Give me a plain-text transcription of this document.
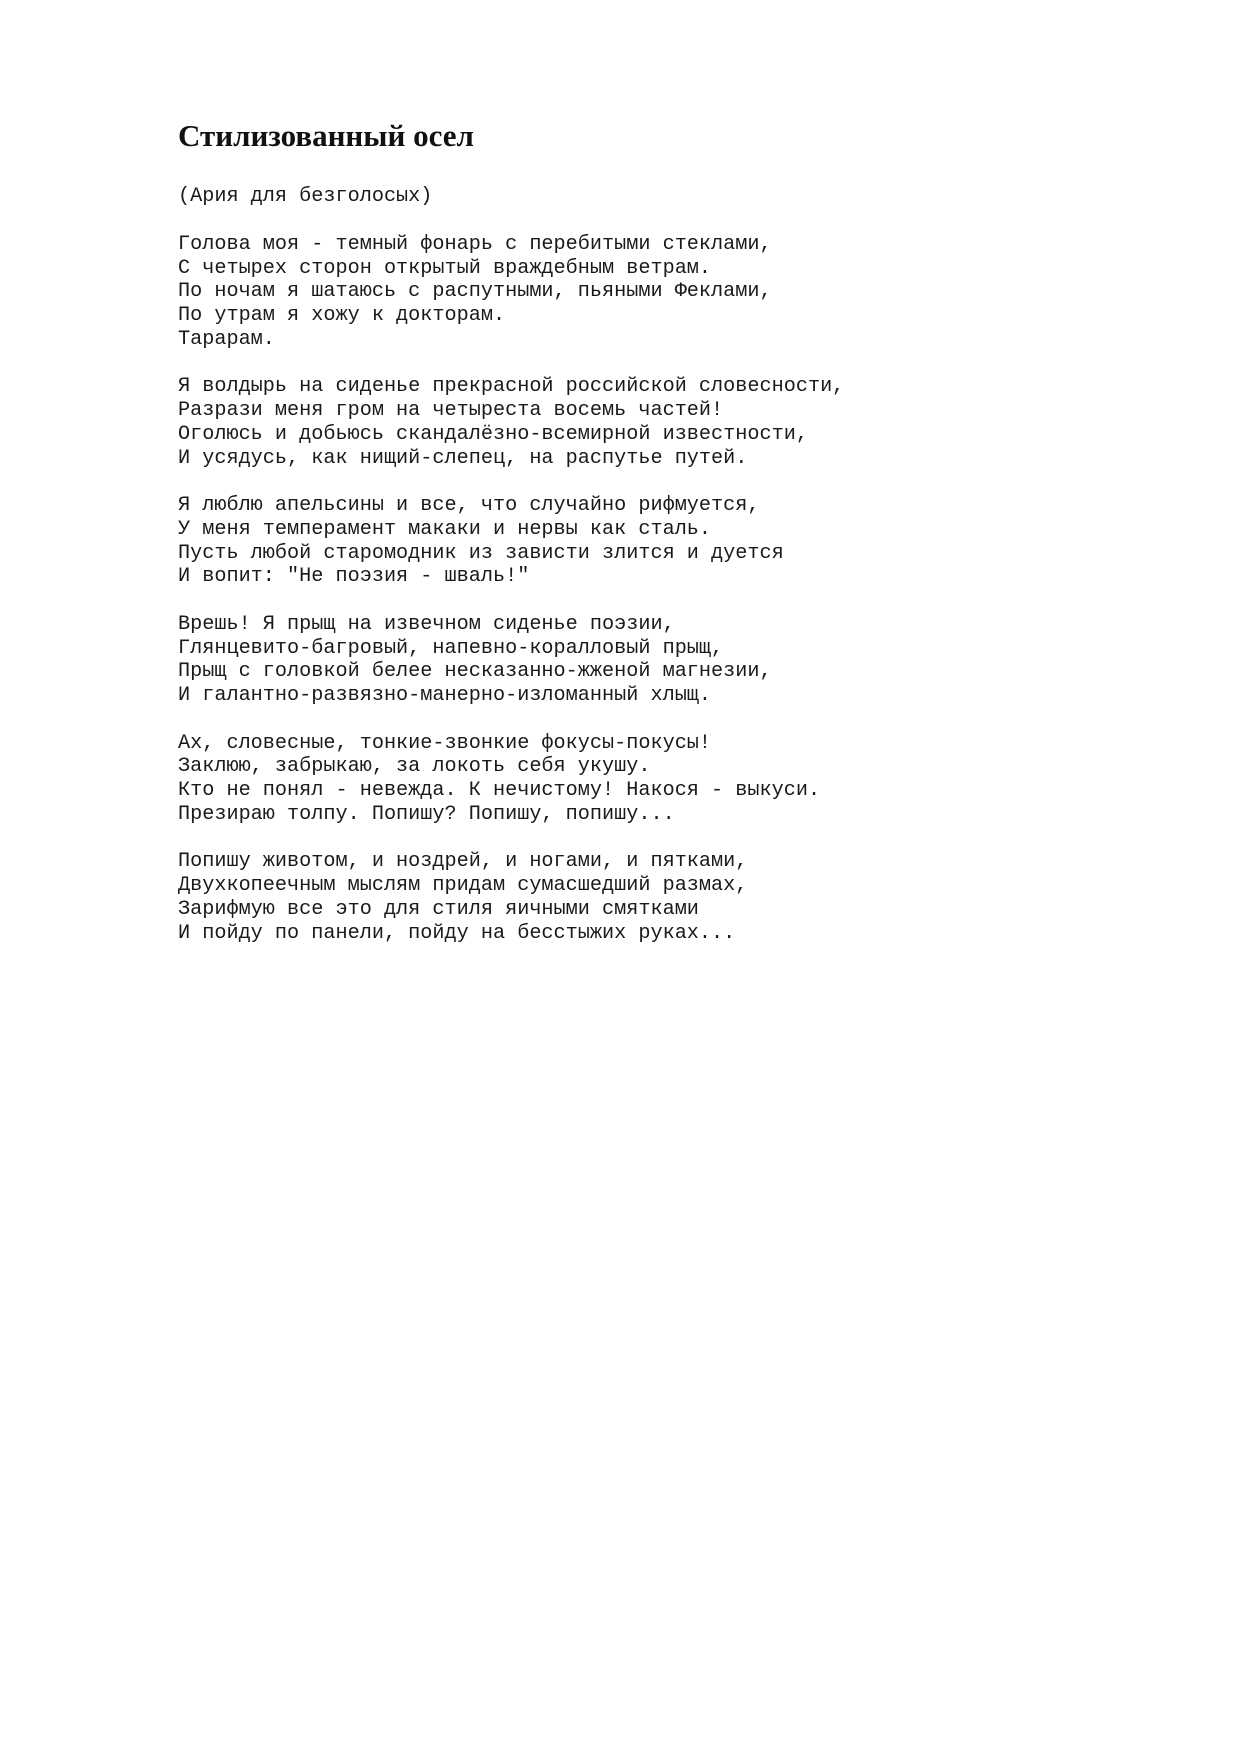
Стилизованный осел
(Ария для безголосых)
Голова моя - темный фонарь с перебитыми стеклами,
С четырех сторон открытый враждебным ветрам.
По ночам я шатаюсь с распутными, пьяными Феклами,
По утрам я хожу к докторам.
Тарарам.
Я волдырь на сиденье прекрасной российской словесности,
Разрази меня гром на четыреста восемь частей!
Оголюсь и добьюсь скандалёзно-всемирной известности,
И усядусь, как нищий-слепец, на распутье путей.
Я люблю апельсины и все, что случайно рифмуется,
У меня темперамент макаки и нервы как сталь.
Пусть любой старомодник из зависти злится и дуется
И вопит: "Не поэзия - шваль!"
Врешь! Я прыщ на извечном сиденье поэзии,
Глянцевито-багровый, напевно-коралловый прыщ,
Прыщ с головкой белее несказанно-жженой магнезии,
И галантно-развязно-манерно-изломанный хлыщ.
Ах, словесные, тонкие-звонкие фокусы-покусы!
Заклюю, забрыкаю, за локоть себя укушу.
Кто не понял - невежда. К нечистому! Накося - выкуси.
Презираю толпу. Попишу? Попишу, попишу...
Попишу животом, и ноздрей, и ногами, и пятками,
Двухкопеечным мыслям придам сумасшедший размах,
Зарифмую все это для стиля яичными смятками
И пойду по панели, пойду на бесстыжих руках...
